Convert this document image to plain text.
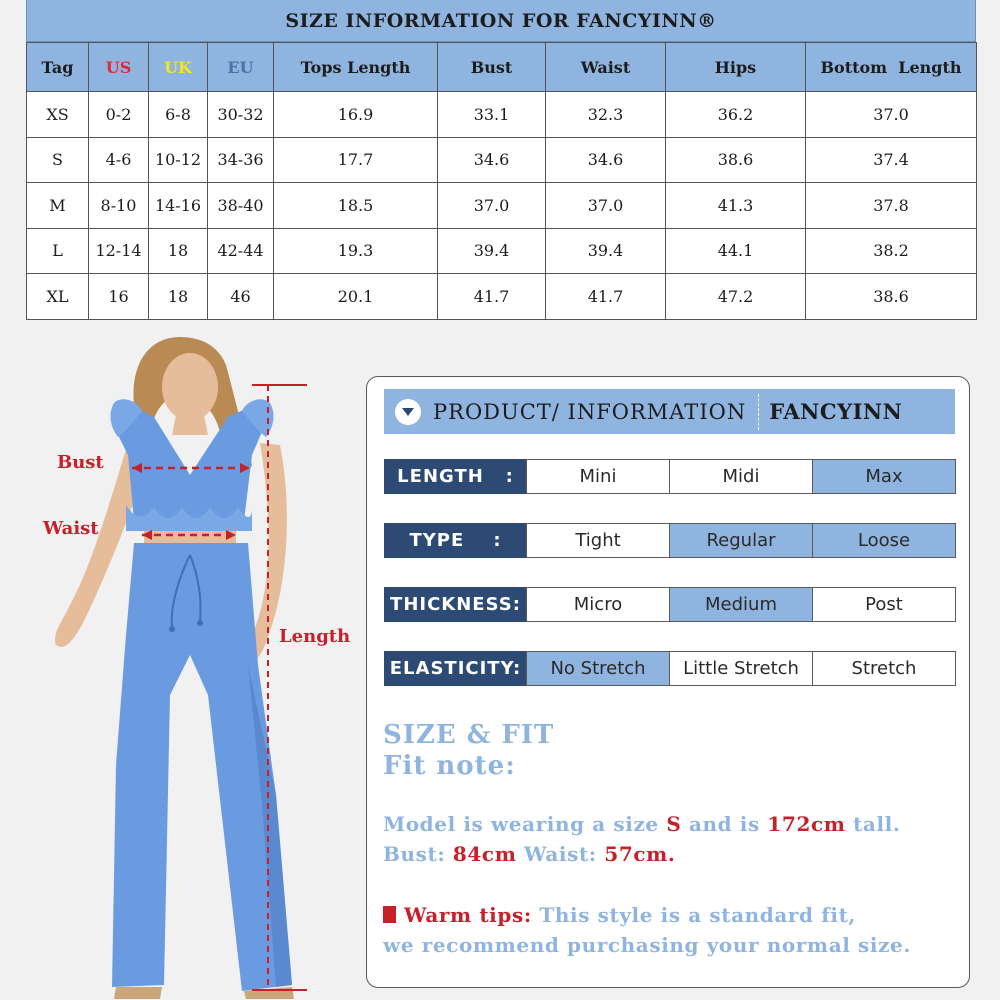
SIZE INFORMATION FOR FANCYINN®
Tag	US	UK	EU	Tops Length	Bust	Waist	Hips	Bottom  Length
XS	0-2	6-8	30-32	16.9	33.1	32.3	36.2	37.0
S	4-6	10-12	34-36	17.7	34.6	34.6	38.6	37.4
M	8-10	14-16	38-40	18.5	37.0	37.0	41.3	37.8
L	12-14	18	42-44	19.3	39.4	39.4	44.1	38.2
XL	16	18	46	20.1	41.7	41.7	47.2	38.6
Bust
Waist
Length
PRODUCT/ INFORMATION FANCYINN
LENGTH   :	Mini	Midi	Max
TYPE    :	Tight	Regular	Loose
THICKNESS:	Micro	Medium	Post
ELASTICITY:	No Stretch	Little Stretch	Stretch
SIZE & FIT
Fit note:
Model is wearing a size S and is 172cm tall.
Bust: 84cm Waist: 57cm.
Warm tips: This style is a standard fit,
we recommend purchasing your normal size.
